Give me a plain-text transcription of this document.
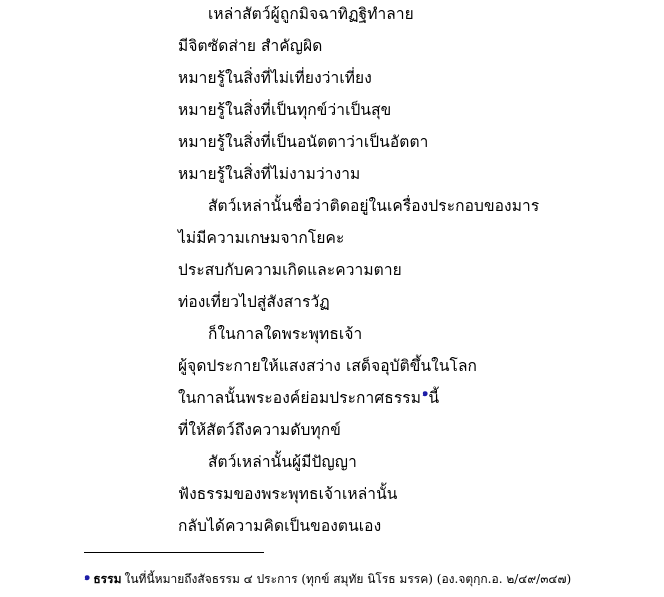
เหล่าสัตว์ผู้ถูกมิจฉาทิฏฐิทำลาย
มีจิตซัดส่าย สำคัญผิด
หมายรู้ในสิ่งที่ไม่เที่ยงว่าเที่ยง
หมายรู้ในสิ่งที่เป็นทุกข์ว่าเป็นสุข
หมายรู้ในสิ่งที่เป็นอนัตตาว่าเป็นอัตตา
หมายรู้ในสิ่งที่ไม่งามว่างาม
สัตว์เหล่านั้นชื่อว่าติดอยู่ในเครื่องประกอบของมาร
ไม่มีความเกษมจากโยคะ
ประสบกับความเกิดและความตาย
ท่องเที่ยวไปสู่สังสารวัฏ
ก็ในกาลใดพระพุทธเจ้า
ผู้จุดประกายให้แสงสว่าง เสด็จอุบัติขึ้นในโลก
ในกาลนั้นพระองค์ย่อมประกาศธรรม$^๑$นี้
ที่ให้สัตว์ถึงความดับทุกข์
สัตว์เหล่านั้นผู้มีปัญญา
ฟังธรรมของพระพุทธเจ้าเหล่านั้น
กลับได้ความคิดเป็นของตนเอง
$^๑$ ธรรม ในที่นี้หมายถึงสัจธรรม ๔ ประการ (ทุกข์ สมุทัย นิโรธ มรรค) (อง.จตุกฺก.อ. ๒/๔๙/๓๔๗)
